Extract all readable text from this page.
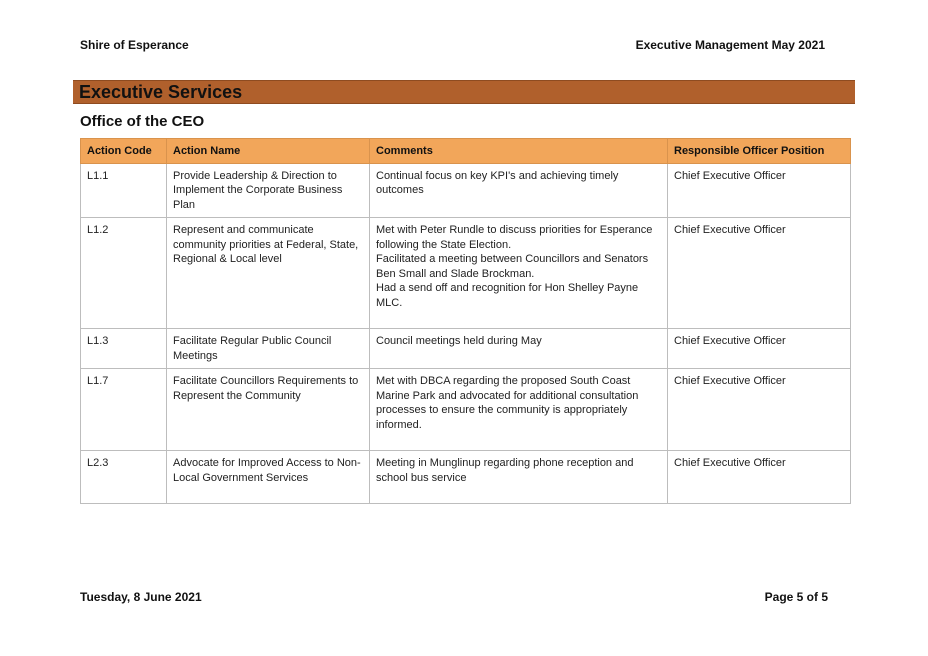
Shire of Esperance	Executive Management May 2021
Executive Services
Office of the CEO
Action Code	Action Name	Comments	Responsible Officer Position
L1.1	Provide Leadership & Direction to Implement the Corporate Business Plan	Continual focus on key KPI's and achieving timely outcomes	Chief Executive Officer
L1.2	Represent and communicate community priorities at Federal, State, Regional & Local level	Met with Peter Rundle to discuss priorities for Esperance following the State Election.
Facilitated a meeting between Councillors and Senators Ben Small and Slade Brockman.
Had a send off and recognition for Hon Shelley Payne MLC.	Chief Executive Officer
L1.3	Facilitate Regular Public Council Meetings	Council meetings held during May	Chief Executive Officer
L1.7	Facilitate Councillors Requirements to Represent the Community	Met with DBCA regarding the proposed South Coast Marine Park and advocated for additional consultation processes to ensure the community is appropriately informed.	Chief Executive Officer
L2.3	Advocate for Improved Access to Non-Local Government Services	Meeting in Munglinup regarding phone reception and school bus service	Chief Executive Officer
Tuesday, 8 June 2021	Page 5 of 5
